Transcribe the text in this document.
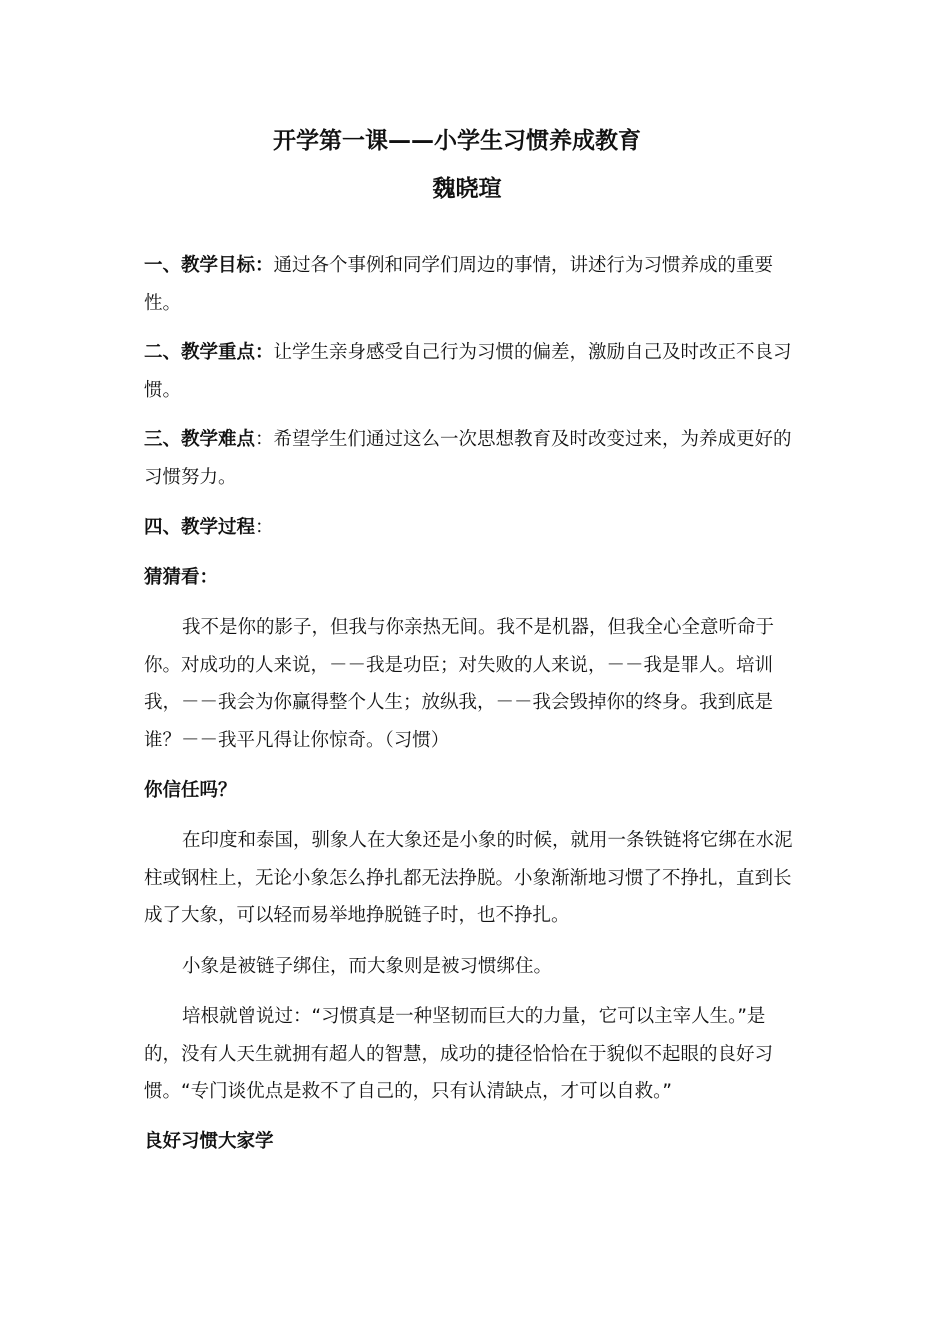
开学第一课——小学生习惯养成教育

魏晓瑄

一、教学目标：通过各个事例和同学们周边的事情，讲述行为习惯养成的重要性。

二、教学重点：让学生亲身感受自己行为习惯的偏差，激励自己及时改正不良习惯。

三、教学难点：希望学生们通过这么一次思想教育及时改变过来，为养成更好的习惯努力。

四、教学过程：

猜猜看：

我不是你的影子，但我与你亲热无间。我不是机器，但我全心全意听命于你。对成功的人来说，－－我是功臣；对失败的人来说，－－我是罪人。培训我，－－我会为你赢得整个人生；放纵我，－－我会毁掉你的终身。我到底是谁？－－我平凡得让你惊奇。（习惯）

你信任吗？

在印度和泰国，驯象人在大象还是小象的时候，就用一条铁链将它绑在水泥柱或钢柱上，无论小象怎么挣扎都无法挣脱。小象渐渐地习惯了不挣扎，直到长成了大象，可以轻而易举地挣脱链子时，也不挣扎。

小象是被链子绑住，而大象则是被习惯绑住。

培根就曾说过：“习惯真是一种坚韧而巨大的力量，它可以主宰人生。”是的，没有人天生就拥有超人的智慧，成功的捷径恰恰在于貌似不起眼的良好习惯。“专门谈优点是救不了自己的，只有认清缺点，才可以自救。”

良好习惯大家学
